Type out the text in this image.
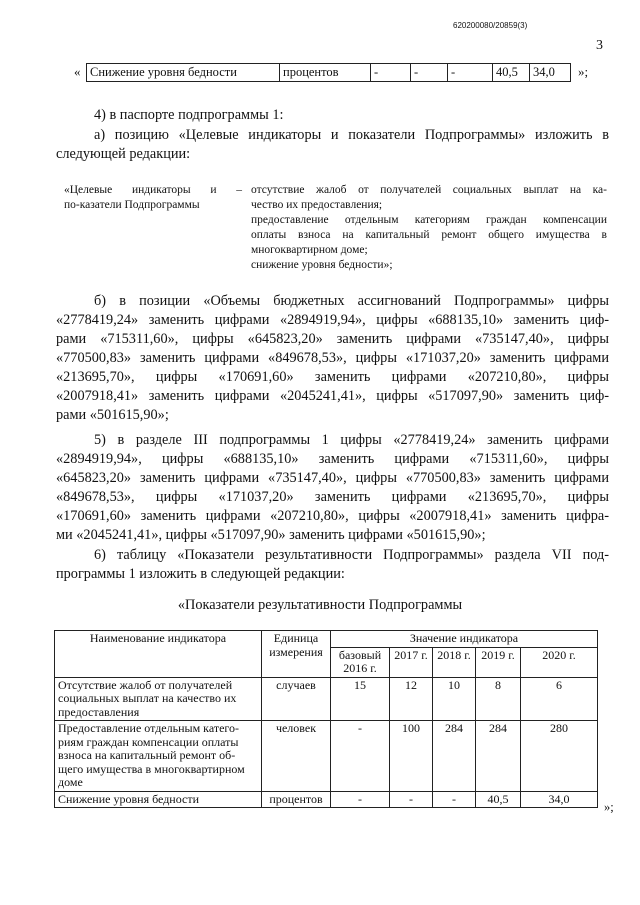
620200080/20859(3)
3
« Снижение уровня бедности	процентов	-	-	-	40,5	34,0 »;
4) в паспорте подпрограммы 1:
а) позицию «Целевые индикаторы и показатели Подпрограммы» изложить в
следующей редакции:
«Целевые индикаторы и –
по-казатели Подпрограммы
отсутствие жалоб от получателей социальных выплат на ка-
чество их предоставления;
предоставление отдельным категориям граждан компенсации
оплаты взноса на капитальный ремонт общего имущества в
многоквартирном доме;
снижение уровня бедности»;
б) в позиции «Объемы бюджетных ассигнований Подпрограммы» цифры
«2778419,24» заменить цифрами «2894919,94», цифры «688135,10» заменить циф-
рами «715311,60», цифры «645823,20» заменить цифрами «735147,40», цифры
«770500,83» заменить цифрами «849678,53», цифры «171037,20» заменить цифрами
«213695,70», цифры «170691,60» заменить цифрами «207210,80», цифры
«2007918,41» заменить цифрами «2045241,41», цифры «517097,90» заменить циф-
рами «501615,90»;
5) в разделе III подпрограммы 1 цифры «2778419,24» заменить цифрами
«2894919,94», цифры «688135,10» заменить цифрами «715311,60», цифры
«645823,20» заменить цифрами «735147,40», цифры «770500,83» заменить цифрами
«849678,53», цифры «171037,20» заменить цифрами «213695,70», цифры
«170691,60» заменить цифрами «207210,80», цифры «2007918,41» заменить цифра-
ми «2045241,41», цифры «517097,90» заменить цифрами «501615,90»;
6) таблицу «Показатели результативности Подпрограммы» раздела VII под-
программы 1 изложить в следующей редакции:
«Показатели результативности Подпрограммы
Наименование индикатора	Единица измерения	Значение индикатора				
		базовый 2016 г.	2017 г.	2018 г.	2019 г.	2020 г.
Отсутствие жалоб от получателей социальных выплат на качество их предоставления	случаев	15	12	10	8	6
Предоставление отдельным катего-риям граждан компенсации оплаты взноса на капитальный ремонт об-щего имущества в многоквартирном доме	человек	-	100	284	284	280
Снижение уровня бедности	процентов	-	-	-	40,5	34,0
»;
